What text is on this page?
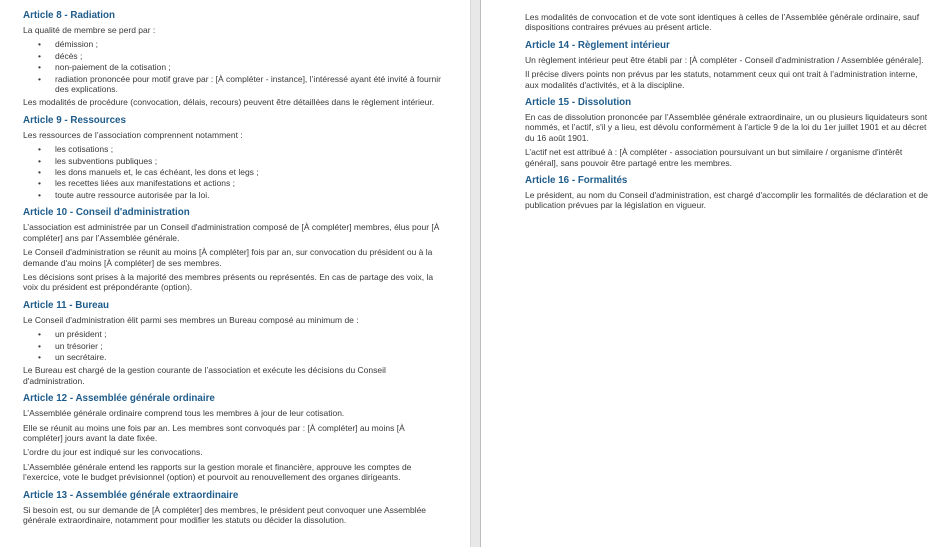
Article 8 - Radiation
La qualité de membre se perd par :
• démission ;
• décès ;
• non-paiement de la cotisation ;
• radiation prononcée pour motif grave par : [À compléter - instance], l’intéressé ayant été invité à fournir des explications.
Les modalités de procédure (convocation, délais, recours) peuvent être détaillées dans le règlement intérieur.
Article 9 - Ressources
Les ressources de l’association comprennent notamment :
• les cotisations ;
• les subventions publiques ;
• les dons manuels et, le cas échéant, les dons et legs ;
• les recettes liées aux manifestations et actions ;
• toute autre ressource autorisée par la loi.
Article 10 - Conseil d'administration
L’association est administrée par un Conseil d'administration composé de [À compléter] membres, élus pour [À compléter] ans par l’Assemblée générale.
Le Conseil d'administration se réunit au moins [À compléter] fois par an, sur convocation du président ou à la demande d'au moins [À compléter] de ses membres.
Les décisions sont prises à la majorité des membres présents ou représentés. En cas de partage des voix, la voix du président est prépondérante (option).
Article 11 - Bureau
Le Conseil d'administration élit parmi ses membres un Bureau composé au minimum de :
• un président ;
• un trésorier ;
• un secrétaire.
Le Bureau est chargé de la gestion courante de l’association et exécute les décisions du Conseil d'administration.
Article 12 - Assemblée générale ordinaire
L’Assemblée générale ordinaire comprend tous les membres à jour de leur cotisation.
Elle se réunit au moins une fois par an. Les membres sont convoqués par : [À compléter] au moins [À compléter] jours avant la date fixée.
L’ordre du jour est indiqué sur les convocations.
L’Assemblée générale entend les rapports sur la gestion morale et financière, approuve les comptes de l’exercice, vote le budget prévisionnel (option) et pourvoit au renouvellement des organes dirigeants.
Article 13 - Assemblée générale extraordinaire
Si besoin est, ou sur demande de [À compléter] des membres, le président peut convoquer une Assemblée générale extraordinaire, notamment pour modifier les statuts ou décider la dissolution.
Les modalités de convocation et de vote sont identiques à celles de l’Assemblée générale ordinaire, sauf dispositions contraires prévues au présent article.
Article 14 - Règlement intérieur
Un règlement intérieur peut être établi par : [À compléter - Conseil d'administration / Assemblée générale].
Il précise divers points non prévus par les statuts, notamment ceux qui ont trait à l’administration interne, aux modalités d'activités, et à la discipline.
Article 15 - Dissolution
En cas de dissolution prononcée par l’Assemblée générale extraordinaire, un ou plusieurs liquidateurs sont nommés, et l’actif, s'il y a lieu, est dévolu conformément à l’article 9 de la loi du 1er juillet 1901 et au décret du 16 août 1901.
L’actif net est attribué à : [À compléter - association poursuivant un but similaire / organisme d'intérêt général], sans pouvoir être partagé entre les membres.
Article 16 - Formalités
Le président, au nom du Conseil d'administration, est chargé d'accomplir les formalités de déclaration et de publication prévues par la législation en vigueur.
